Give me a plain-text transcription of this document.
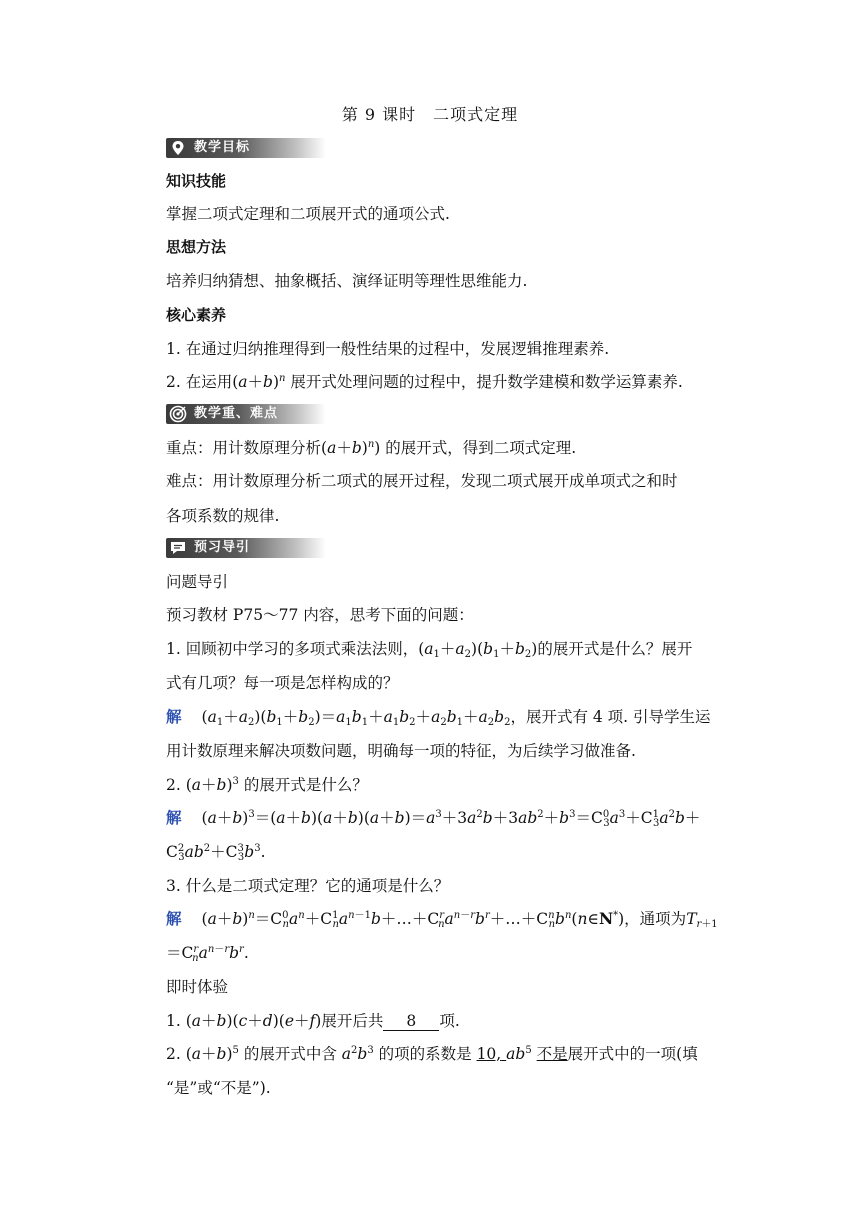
第 9 课时　二项式定理
教学目标
知识技能
掌握二项式定理和二项展开式的通项公式.
思想方法
培养归纳猜想、抽象概括、演绎证明等理性思维能力.
核心素养
1. 在通过归纳推理得到一般性结果的过程中，发展逻辑推理素养.
2. 在运用$(a+b)^n$ 展开式处理问题的过程中，提升数学建模和数学运算素养.
教学重、难点
重点：用计数原理分析$(a+b)^n$) 的展开式，得到二项式定理.
难点：用计数原理分析二项式的展开过程，发现二项式展开成单项式之和时
各项系数的规律.
预习导引
问题导引
预习教材 P75～77 内容，思考下面的问题：
1. 回顾初中学习的多项式乘法法则，$(a_1+a_2)(b_1+b_2)$的展开式是什么？展开
式有几项？每一项是怎样构成的？
解 $(a_1+a_2)(b_1+b_2)=a_1b_1+a_1b_2+a_2b_1+a_2b_2$，展开式有 4 项. 引导学生运
用计数原理来解决项数问题，明确每一项的特征，为后续学习做准备.
2. $(a+b)^3$ 的展开式是什么？
解 $(a+b)^3=(a+b)(a+b)(a+b)=a^3+3a^2b+3ab^2+b^3=C^0_3a^3+C^1_3a^2b+$
$C^2_3ab^2+C^3_3b^3$.
3. 什么是二项式定理？它的通项是什么？
解 $(a+b)^n=C^0_na^n+C^1_na^{n-1}b+\dots+C^r_na^{n-r}b^r+\dots+C^n_nb^n(n\in N^*)$，通项为$T_{r+1}$
$=C^r_na^{n-r}b^r$.
即时体验
1. (a＋b)(c＋d)(e＋f)展开后共 8 项.
2. $(a+b)^5$ 的展开式中含 $a^2b^3$ 的项的系数是 10, $ab^5$ 不是展开式中的一项(填
“是”或“不是”).
